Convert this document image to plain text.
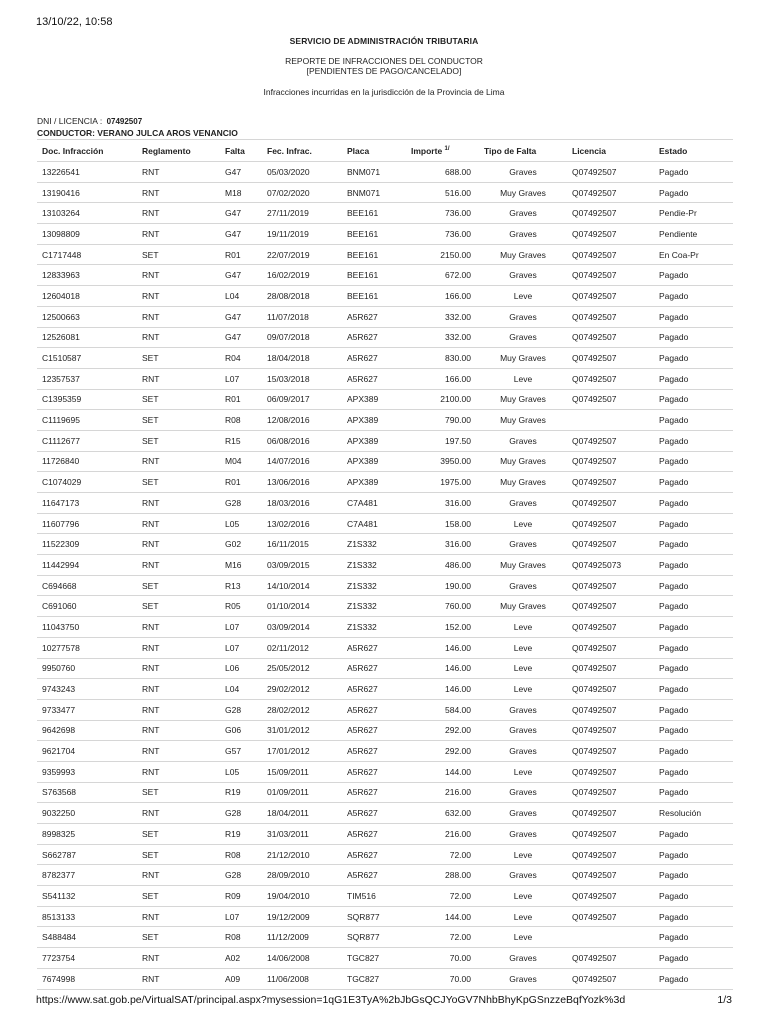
13/10/22, 10:58
SERVICIO DE ADMINISTRACIÓN TRIBUTARIA
REPORTE DE INFRACCIONES DEL CONDUCTOR
[PENDIENTES DE PAGO/CANCELADO]
Infracciones incurridas en la jurisdicción de la Provincia de Lima
DNI / LICENCIA : 07492507
CONDUCTOR: VERANO JULCA AROS VENANCIO
Doc. Infracción	Reglamento	Falta	Fec. Infrac.	Placa	Importe $^{1/}$	Tipo de Falta	Licencia	Estado
13226541	RNT	G47	05/03/2020	BNM071	688.00	Graves	Q07492507	Pagado
13190416	RNT	M18	07/02/2020	BNM071	516.00	Muy Graves	Q07492507	Pagado
13103264	RNT	G47	27/11/2019	BEE161	736.00	Graves	Q07492507	Pendie-Pr
13098809	RNT	G47	19/11/2019	BEE161	736.00	Graves	Q07492507	Pendiente
C1717448	SET	R01	22/07/2019	BEE161	2150.00	Muy Graves	Q07492507	En Coa-Pr
12833963	RNT	G47	16/02/2019	BEE161	672.00	Graves	Q07492507	Pagado
12604018	RNT	L04	28/08/2018	BEE161	166.00	Leve	Q07492507	Pagado
12500663	RNT	G47	11/07/2018	A5R627	332.00	Graves	Q07492507	Pagado
12526081	RNT	G47	09/07/2018	A5R627	332.00	Graves	Q07492507	Pagado
C1510587	SET	R04	18/04/2018	A5R627	830.00	Muy Graves	Q07492507	Pagado
12357537	RNT	L07	15/03/2018	A5R627	166.00	Leve	Q07492507	Pagado
C1395359	SET	R01	06/09/2017	APX389	2100.00	Muy Graves	Q07492507	Pagado
C1119695	SET	R08	12/08/2016	APX389	790.00	Muy Graves		Pagado
C1112677	SET	R15	06/08/2016	APX389	197.50	Graves	Q07492507	Pagado
11726840	RNT	M04	14/07/2016	APX389	3950.00	Muy Graves	Q07492507	Pagado
C1074029	SET	R01	13/06/2016	APX389	1975.00	Muy Graves	Q07492507	Pagado
11647173	RNT	G28	18/03/2016	C7A481	316.00	Graves	Q07492507	Pagado
11607796	RNT	L05	13/02/2016	C7A481	158.00	Leve	Q07492507	Pagado
11522309	RNT	G02	16/11/2015	Z1S332	316.00	Graves	Q07492507	Pagado
11442994	RNT	M16	03/09/2015	Z1S332	486.00	Muy Graves	Q074925073	Pagado
C694668	SET	R13	14/10/2014	Z1S332	190.00	Graves	Q07492507	Pagado
C691060	SET	R05	01/10/2014	Z1S332	760.00	Muy Graves	Q07492507	Pagado
11043750	RNT	L07	03/09/2014	Z1S332	152.00	Leve	Q07492507	Pagado
10277578	RNT	L07	02/11/2012	A5R627	146.00	Leve	Q07492507	Pagado
9950760	RNT	L06	25/05/2012	A5R627	146.00	Leve	Q07492507	Pagado
9743243	RNT	L04	29/02/2012	A5R627	146.00	Leve	Q07492507	Pagado
9733477	RNT	G28	28/02/2012	A5R627	584.00	Graves	Q07492507	Pagado
9642698	RNT	G06	31/01/2012	A5R627	292.00	Graves	Q07492507	Pagado
9621704	RNT	G57	17/01/2012	A5R627	292.00	Graves	Q07492507	Pagado
9359993	RNT	L05	15/09/2011	A5R627	144.00	Leve	Q07492507	Pagado
S763568	SET	R19	01/09/2011	A5R627	216.00	Graves	Q07492507	Pagado
9032250	RNT	G28	18/04/2011	A5R627	632.00	Graves	Q07492507	Resolución
8998325	SET	R19	31/03/2011	A5R627	216.00	Graves	Q07492507	Pagado
S662787	SET	R08	21/12/2010	A5R627	72.00	Leve	Q07492507	Pagado
8782377	RNT	G28	28/09/2010	A5R627	288.00	Graves	Q07492507	Pagado
S541132	SET	R09	19/04/2010	TIM516	72.00	Leve	Q07492507	Pagado
8513133	RNT	L07	19/12/2009	SQR877	144.00	Leve	Q07492507	Pagado
S488484	SET	R08	11/12/2009	SQR877	72.00	Leve		Pagado
7723754	RNT	A02	14/06/2008	TGC827	70.00	Graves	Q07492507	Pagado
7674998	RNT	A09	11/06/2008	TGC827	70.00	Graves	Q07492507	Pagado
https://www.sat.gob.pe/VirtualSAT/principal.aspx?mysession=1qG1E3TyA%2bJbGsQCJYoGV7NhbBhyKpGSnzzeBqfYozk%3d	1/3
